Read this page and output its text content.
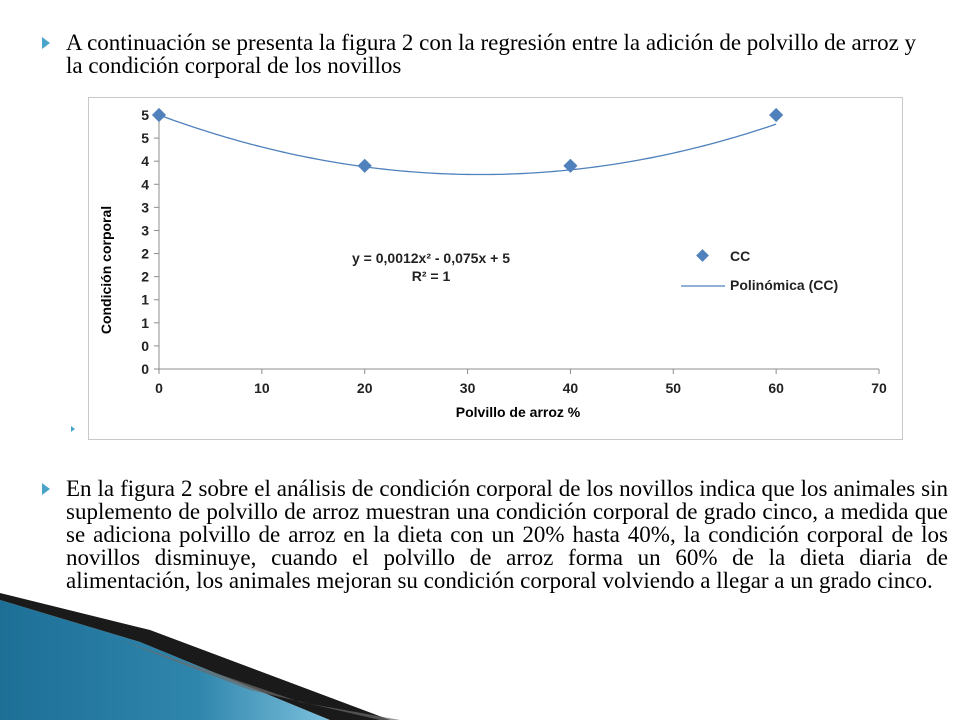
A continuación se presenta la figura 2 con la regresión entre la adición de polvillo de arroz y la condición corporal de los novillos
0
0
1
1
2
2
3
3
4
4
5
5
0	10	20	30	40	50	60	70
Condición corporal
Polvillo de arroz %
y = 0,0012x² - 0,075x + 5
R² = 1
CC
Polinómica (CC)
En la figura 2 sobre el análisis de condición corporal de los novillos indica que los animales sin suplemento de polvillo de arroz muestran una condición corporal de grado cinco, a medida que se adiciona polvillo de arroz en la dieta con un 20% hasta 40%, la condición corporal de los novillos disminuye, cuando el polvillo de arroz forma un 60% de la dieta diaria de alimentación, los animales mejoran su condición corporal volviendo a llegar a un grado cinco.
